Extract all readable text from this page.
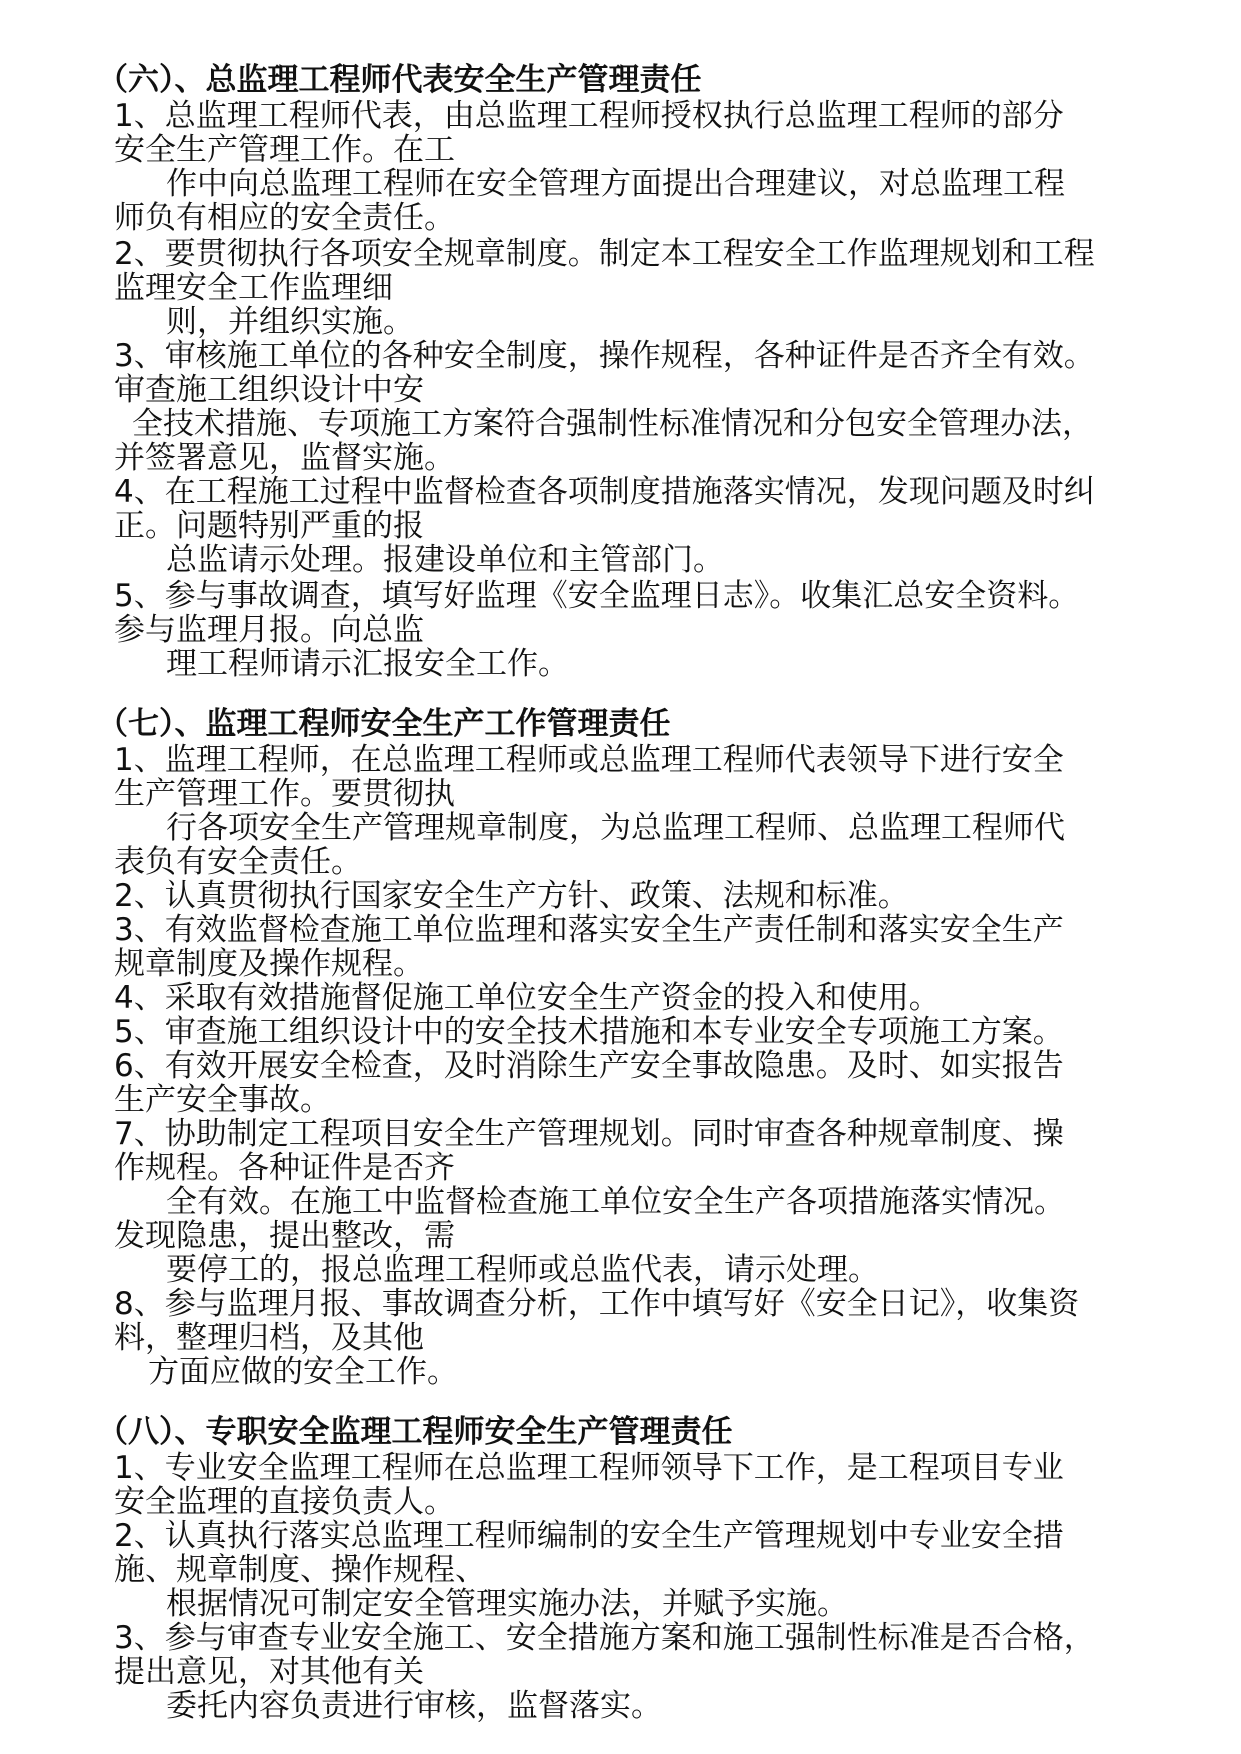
（六）、总监理工程师代表安全生产管理责任
1、总监理工程师代表，由总监理工程师授权执行总监理工程师的部分
安全生产管理工作。在工
作中向总监理工程师在安全管理方面提出合理建议，对总监理工程
师负有相应的安全责任。
2、要贯彻执行各项安全规章制度。制定本工程安全工作监理规划和工程
监理安全工作监理细
则，并组织实施。
3、审核施工单位的各种安全制度，操作规程，各种证件是否齐全有效。
审查施工组织设计中安
全技术措施、专项施工方案符合强制性标准情况和分包安全管理办法，
并签署意见，监督实施。
4、在工程施工过程中监督检查各项制度措施落实情况，发现问题及时纠
正。问题特别严重的报
总监请示处理。报建设单位和主管部门。
5、参与事故调查，填写好监理《安全监理日志》。收集汇总安全资料。
参与监理月报。向总监
理工程师请示汇报安全工作。
（七）、监理工程师安全生产工作管理责任
1、监理工程师，在总监理工程师或总监理工程师代表领导下进行安全
生产管理工作。要贯彻执
行各项安全生产管理规章制度，为总监理工程师、总监理工程师代
表负有安全责任。
2、认真贯彻执行国家安全生产方针、政策、法规和标准。
3、有效监督检查施工单位监理和落实安全生产责任制和落实安全生产
规章制度及操作规程。
4、采取有效措施督促施工单位安全生产资金的投入和使用。
5、审查施工组织设计中的安全技术措施和本专业安全专项施工方案。
6、有效开展安全检查，及时消除生产安全事故隐患。及时、如实报告
生产安全事故。
7、协助制定工程项目安全生产管理规划。同时审查各种规章制度、操
作规程。各种证件是否齐
全有效。在施工中监督检查施工单位安全生产各项措施落实情况。
发现隐患，提出整改，需
要停工的，报总监理工程师或总监代表，请示处理。
8、参与监理月报、事故调查分析，工作中填写好《安全日记》，收集资
料，整理归档，及其他
方面应做的安全工作。
（八）、专职安全监理工程师安全生产管理责任
1、专业安全监理工程师在总监理工程师领导下工作，是工程项目专业
安全监理的直接负责人。
2、认真执行落实总监理工程师编制的安全生产管理规划中专业安全措
施、规章制度、操作规程、
根据情况可制定安全管理实施办法，并赋予实施。
3、参与审查专业安全施工、安全措施方案和施工强制性标准是否合格，
提出意见，对其他有关
委托内容负责进行审核，监督落实。
